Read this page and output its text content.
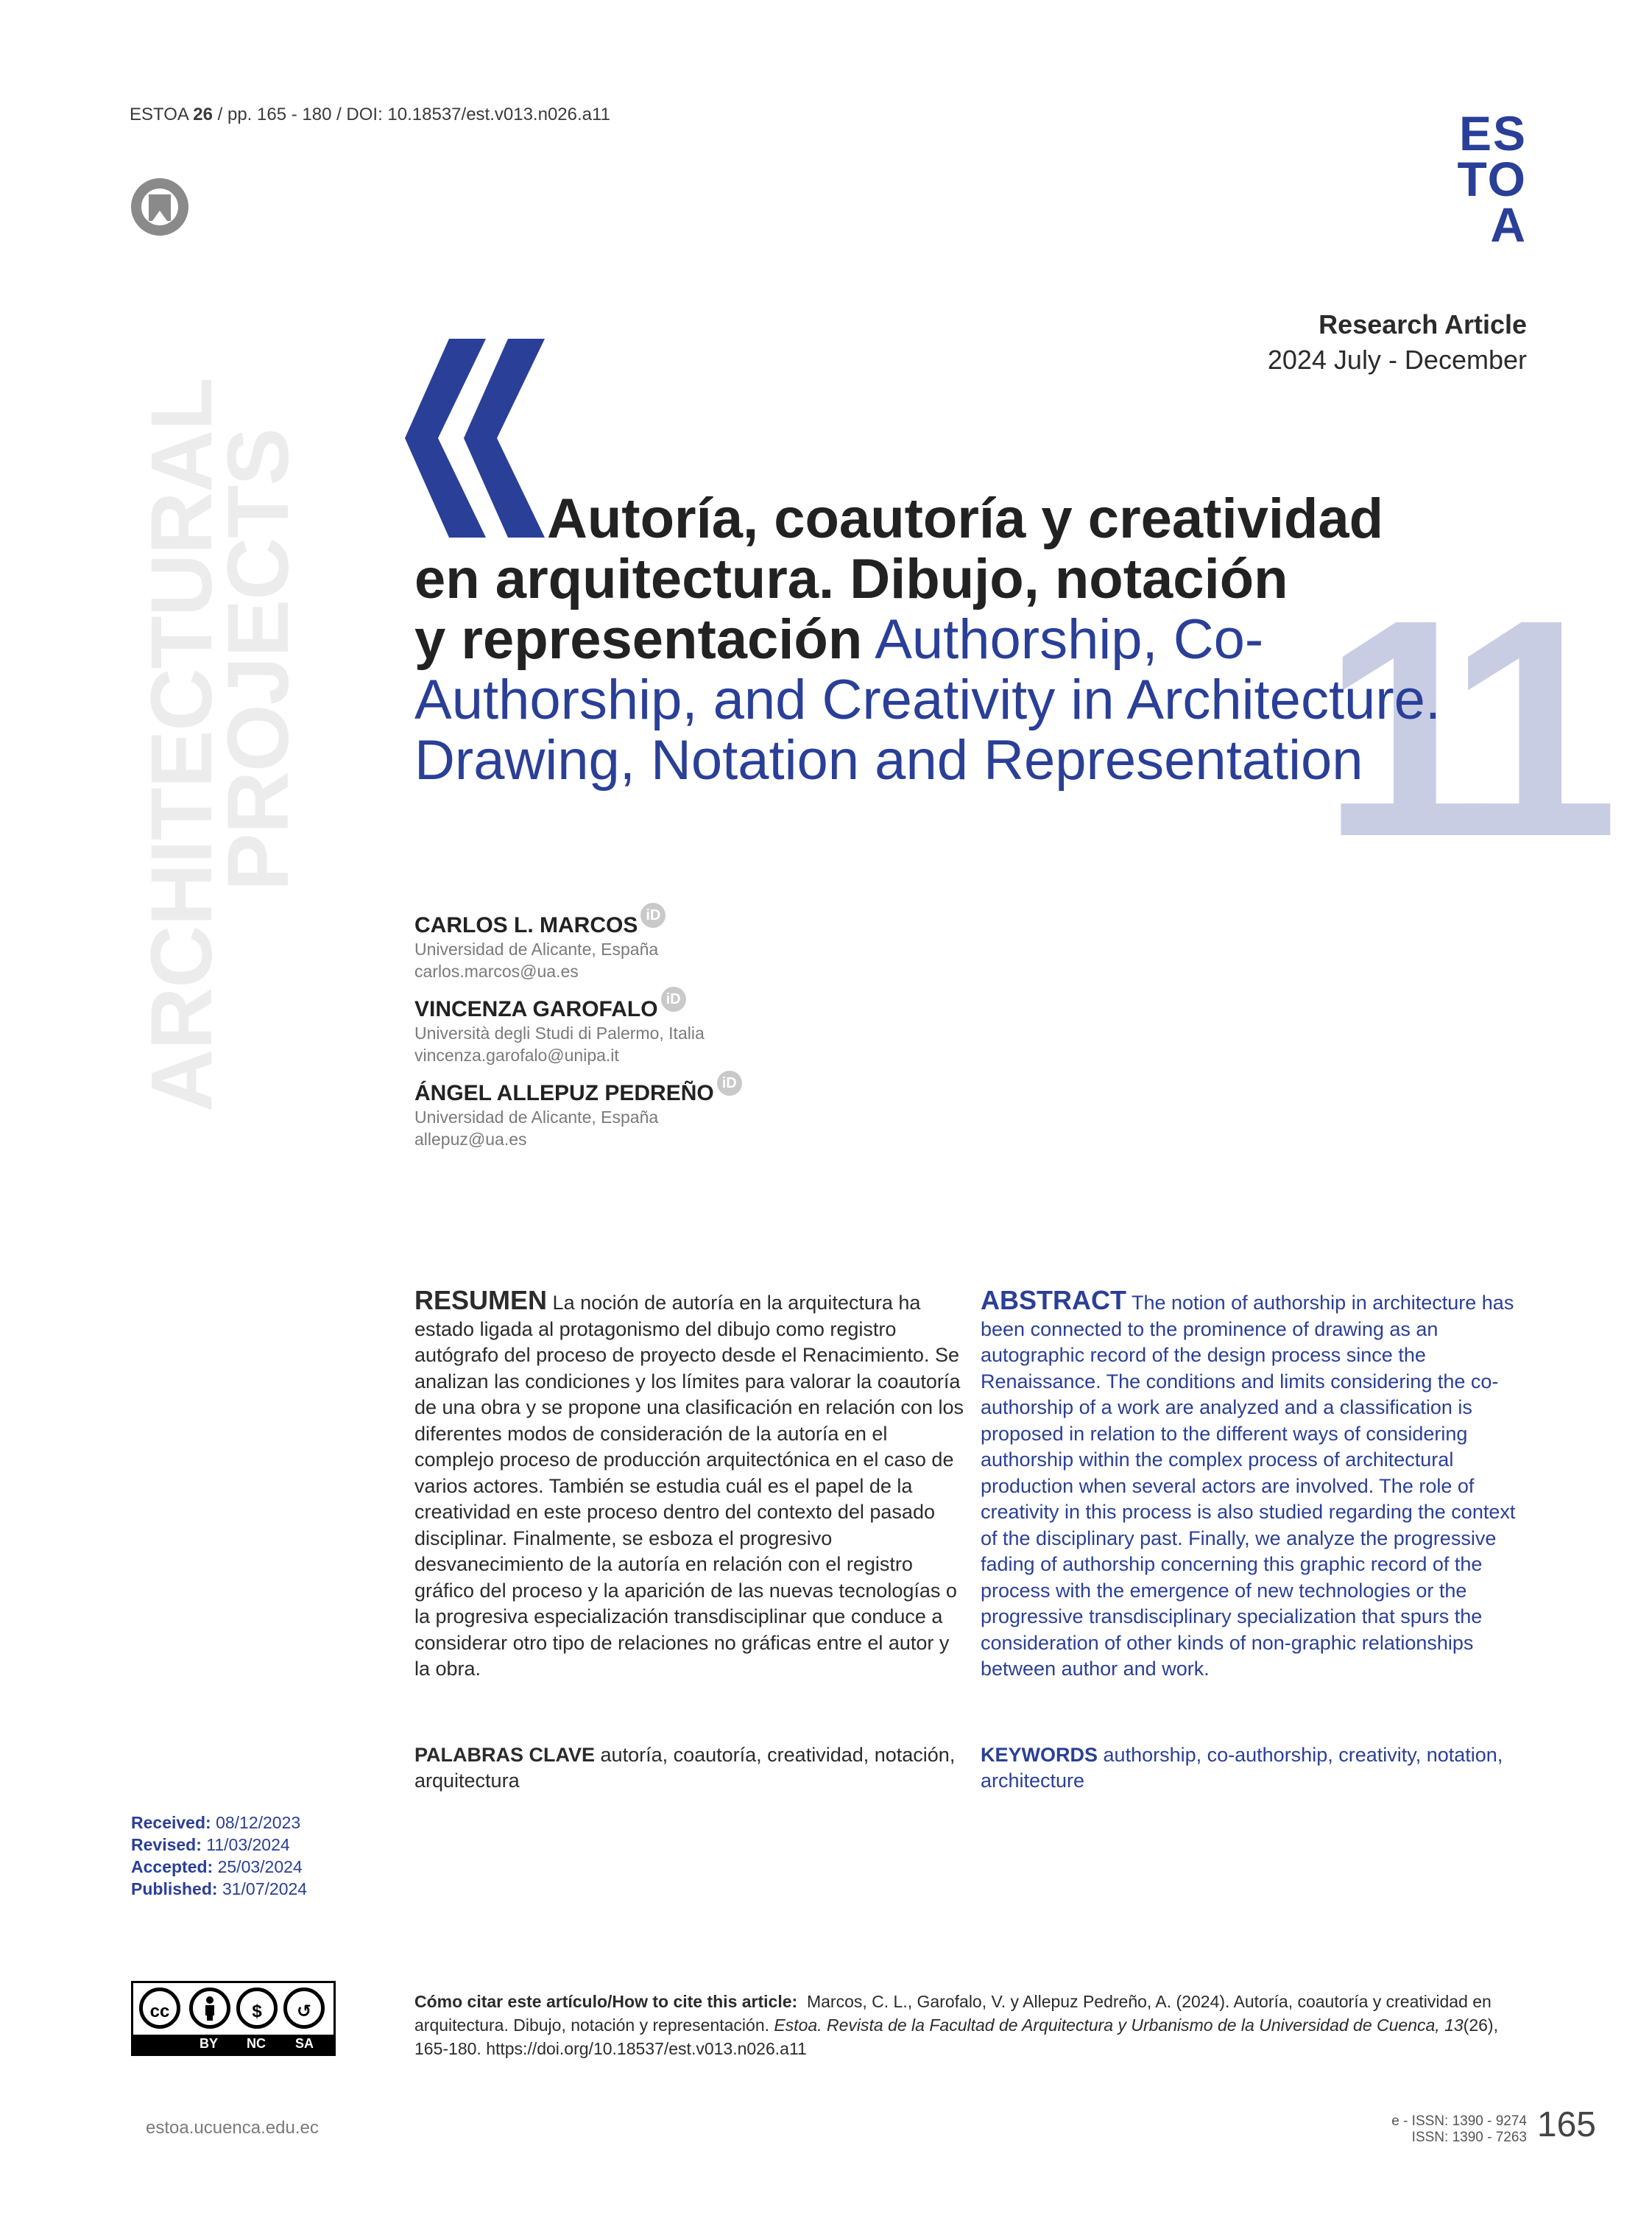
ESTOA 26 / pp. 165 - 180 / DOI: 10.18537/est.v013.n026.a11	ES
TO
A
ARCHITECTURAL
PROJECTS
Research Article
2024 July - December
11
Autoría, coautoría y creatividad
en arquitectura. Dibujo, notación
y representación Authorship, Co-
Authorship, and Creativity in Architecture.
Drawing, Notation and Representation
CARLOS L. MARCOS iD
Universidad de Alicante, España
carlos.marcos@ua.es
VINCENZA GAROFALO iD
Università degli Studi di Palermo, Italia
vincenza.garofalo@unipa.it
ÁNGEL ALLEPUZ PEDREÑO iD
Universidad de Alicante, España
allepuz@ua.es
RESUMEN La noción de autoría en la arquitectura ha estado ligada al protagonismo del dibujo como registro autógrafo del proceso de proyecto desde el Renacimiento. Se analizan las condiciones y los límites para valorar la coautoría de una obra y se propone una clasificación en relación con los diferentes modos de consideración de la autoría en el complejo proceso de producción arquitectónica en el caso de varios actores. También se estudia cuál es el papel de la creatividad en este proceso dentro del contexto del pasado disciplinar. Finalmente, se esboza el progresivo desvanecimiento de la autoría en relación con el registro gráfico del proceso y la aparición de las nuevas tecnologías o la progresiva especialización transdisciplinar que conduce a considerar otro tipo de relaciones no gráficas entre el autor y la obra.
ABSTRACT The notion of authorship in architecture has been connected to the prominence of drawing as an autographic record of the design process since the Renaissance. The conditions and limits considering the co-authorship of a work are analyzed and a classification is proposed in relation to the different ways of considering authorship within the complex process of architectural production when several actors are involved. The role of creativity in this process is also studied regarding the context of the disciplinary past. Finally, we analyze the progressive fading of authorship concerning this graphic record of the process with the emergence of new technologies or the progressive transdisciplinary specialization that spurs the consideration of other kinds of non-graphic relationships between author and work.
PALABRAS CLAVE autoría, coautoría, creatividad, notación, arquitectura
KEYWORDS authorship, co-authorship, creativity, notation, architecture
Received: 08/12/2023
Revised: 11/03/2024
Accepted: 25/03/2024
Published: 31/07/2024
cc	$	↺
BY NC SA
Cómo citar este artículo/How to cite this article: Marcos, C. L., Garofalo, V. y Allepuz Pedreño, A. (2024). Autoría, coautoría y creatividad en arquitectura. Dibujo, notación y representación. Estoa. Revista de la Facultad de Arquitectura y Urbanismo de la Universidad de Cuenca, 13(26), 165-180. https://doi.org/10.18537/est.v013.n026.a11
estoa.ucuenca.edu.ec	e - ISSN: 1390 - 9274
ISSN: 1390 - 7263 165
